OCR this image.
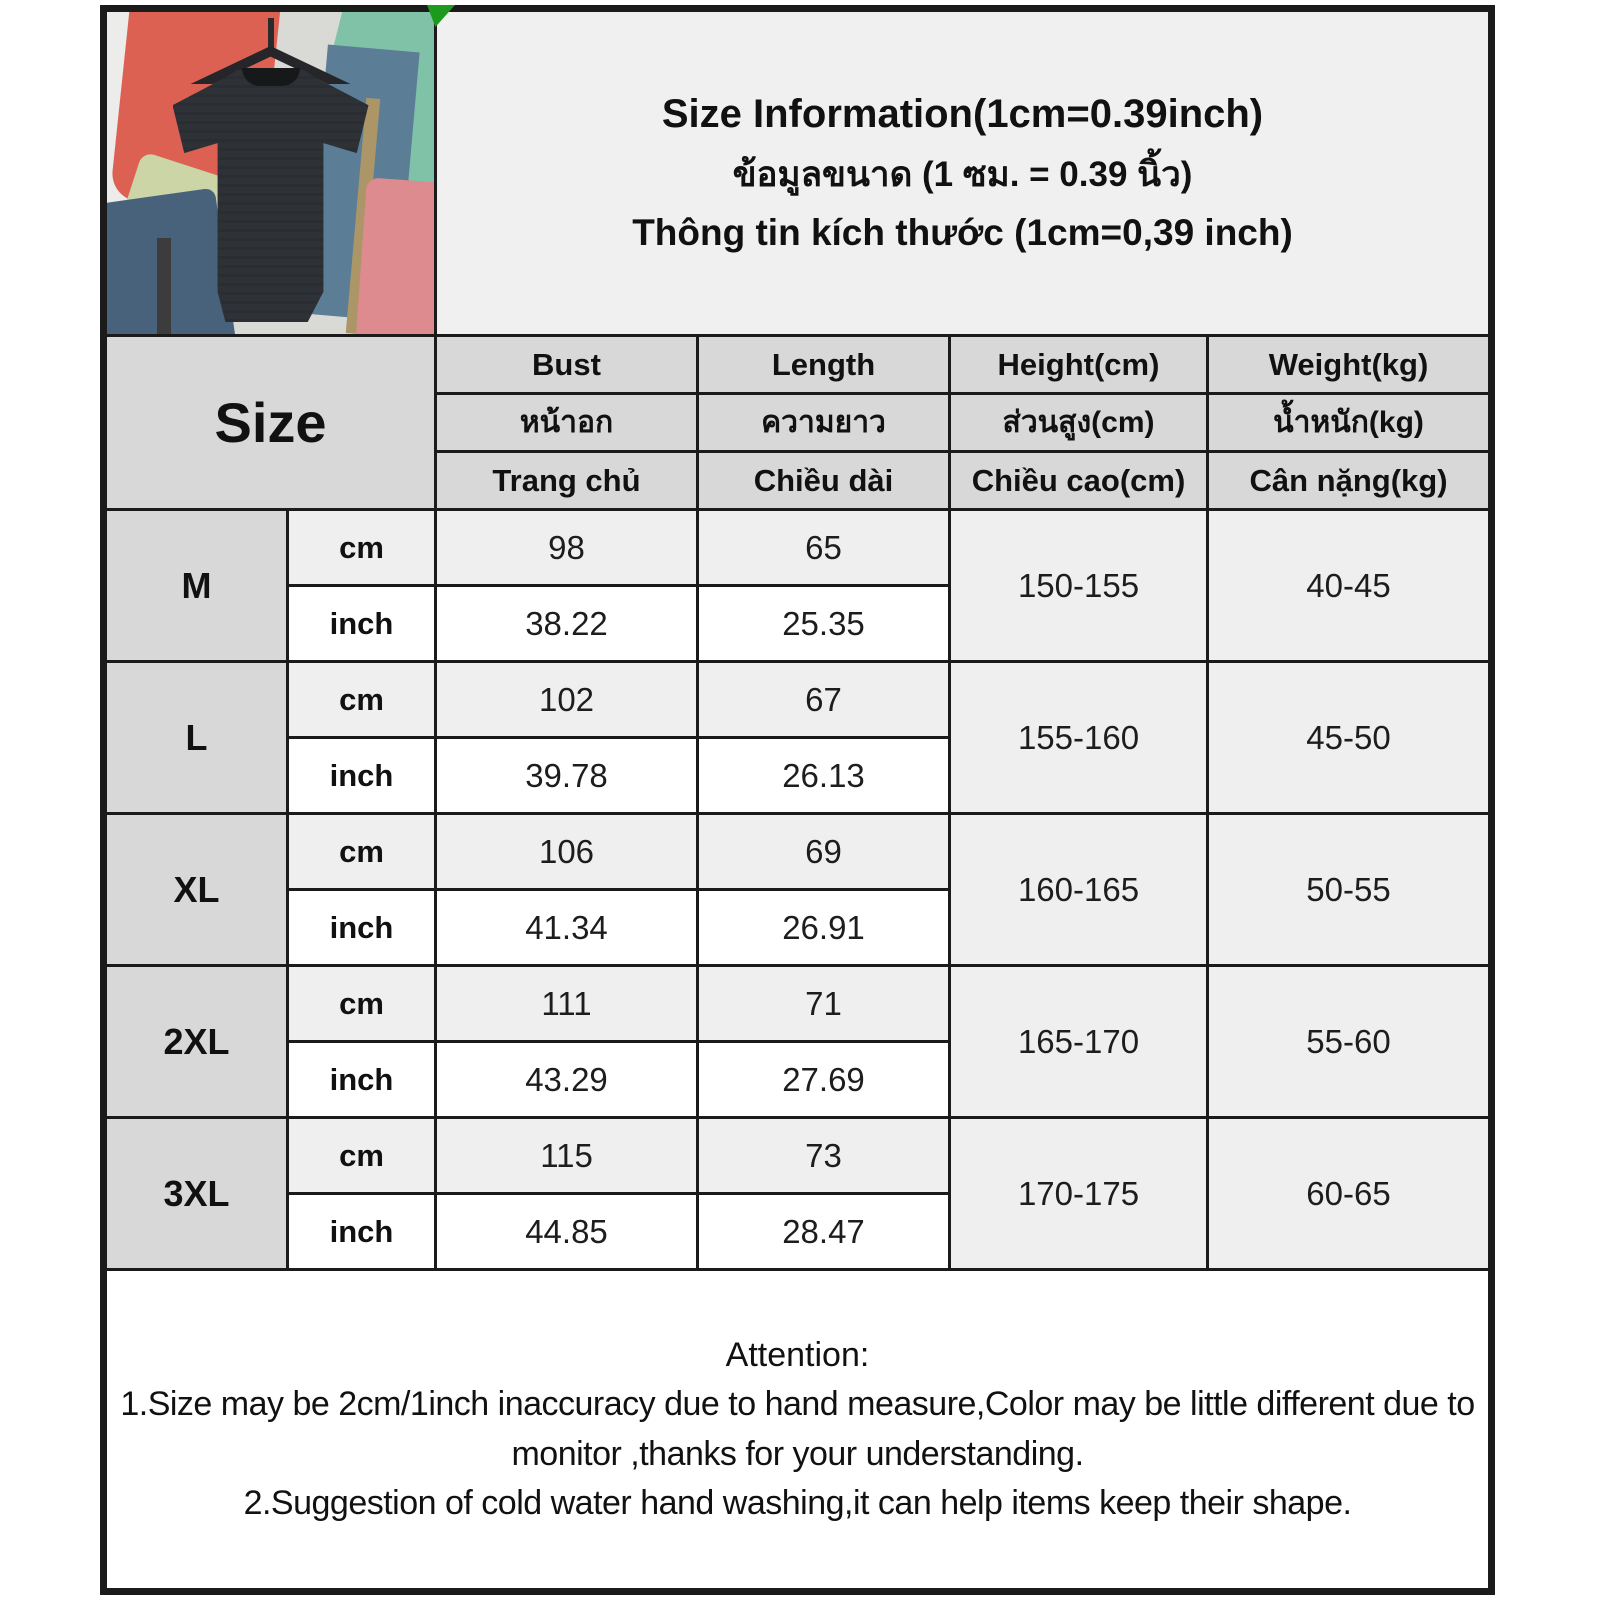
		Size Information(1cm=0.39inch)
ข้อมูลขนาด (1 ซม. = 0.39 นิ้ว)
Thông tin kích thước (1cm=0,39 inch)			

Size		Bust	Length	Height(cm)	Weight(kg)
		หน้าอก	ความยาว	ส่วนสูง(cm)	น้ำหนัก(kg)
		Trang chủ	Chiều dài	Chiều cao(cm)	Cân nặng(kg)
M	cm	98	65	150-155	40-45
	inch	38.22	25.35		
L	cm	102	67	155-160	45-50
	inch	39.78	26.13		
XL	cm	106	69	160-165	50-55
	inch	41.34	26.91		
2XL	cm	111	71	165-170	55-60
	inch	43.29	27.69		
3XL	cm	115	73	170-175	60-65
	inch	44.85	28.47		

Attention:
1.Size may be 2cm/1inch inaccuracy due to hand measure,Color may be little different due to monitor ,thanks for your understanding.
2.Suggestion of cold water hand washing,it can help items keep their shape.					
